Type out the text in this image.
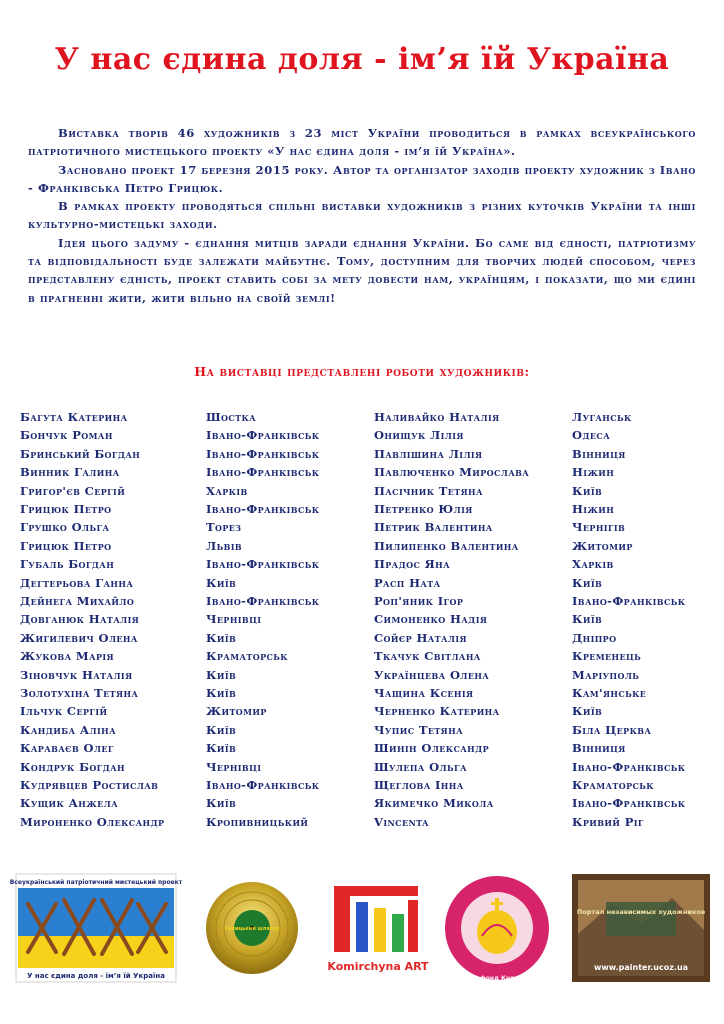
У нас єдина доля - ім’я їй Україна

Виставка творів 46 художників з 23 міст України проводиться в рамках всеукраїнського патріотичного мистецького проекту «У нас єдина доля - ім’я їй Україна».

Засновано проект 17 березня 2015 року. Автор та організатор заходів проекту художник з Івано - Франківська Петро Грицюк.

В рамках проекту проводяться спільні виставки художників з різних куточків України та інші культурно-мистецькі заходи.

Ідея цього задуму - єднання митців заради єднання України. Бо саме від єдності, патріотизму та відповідальності буде залежати майбутнє. Тому, доступним для творчих людей способом, через представлену єдність, проект ставить собі за мету довести нам, українцям, і показати, що ми єдині в прагненні жити, жити вільно на своїй землі!

На виставці представлені роботи художників:
Багута Катерина	Шостка
Бончук Роман	Івано-Франківськ
Бринський Богдан	Івано-Франківськ
Винник Галина	Івано-Франківськ
Григор'єв Сергій	Харків
Грицюк Петро	Івано-Франківськ
Грушко Ольга	Торез
Грицюк Петро	Львів
Губаль Богдан	Івано-Франківськ
Дегтерьова Ганна	Київ
Дейнега Михайло	Івано-Франківськ
Довганюк Наталія	Чернівці
Жигилевич Олена	Київ
Жукова Марія	Краматорськ
Зіновчук Наталія	Київ
Золотухіна Тетяна	Київ
Ільчук Сергій	Житомир
Кандиба Аліна	Київ
Караваєв Олег	Київ
Кондрук Богдан	Чернівці
Кудрявцев Ростислав	Івано-Франківськ
Кущик Анжела	Київ
Мироненко Олександр	Кропивницький
Наливайко Наталія	Луганськ
Онищук Лілія	Одеса
Павлішина Лілія	Вінниця
Павлюченко Мирослава	Ніжин
Пасічник Тетяна	Київ
Петренко Юлія	Ніжин
Петрик Валентина	Чернігів
Пилипенко Валентина	Житомир
Прадос Яна	Харків
Расп Ната	Київ
Роп'яник Ігор	Івано-Франківськ
Симоненко Надія	Київ
Сойєр Наталія	Дніпро
Ткачук Світлана	Кременець
Українцева Олена	Маріуполь
Чащина Ксенія	Кам'янське
Черненко Катерина	Київ
Чупис Тетяна	Біла Церква
Шинін Олександр	Вінниця
Шулепа Ольга	Івано-Франківськ
Щеглова Інна	Краматорськ
Якимечко Микола	Івано-Франківськ
Vincenta	Кривий Ріг
Всеукраїнський патріотичний мистецький проект
У нас єдина доля - ім’я їй Україна
Галицький шлягер
Komirchyna ART
Благодійний фонд Княгиньки Ольги
Портал независимых художников
www.painter.ucoz.ua
